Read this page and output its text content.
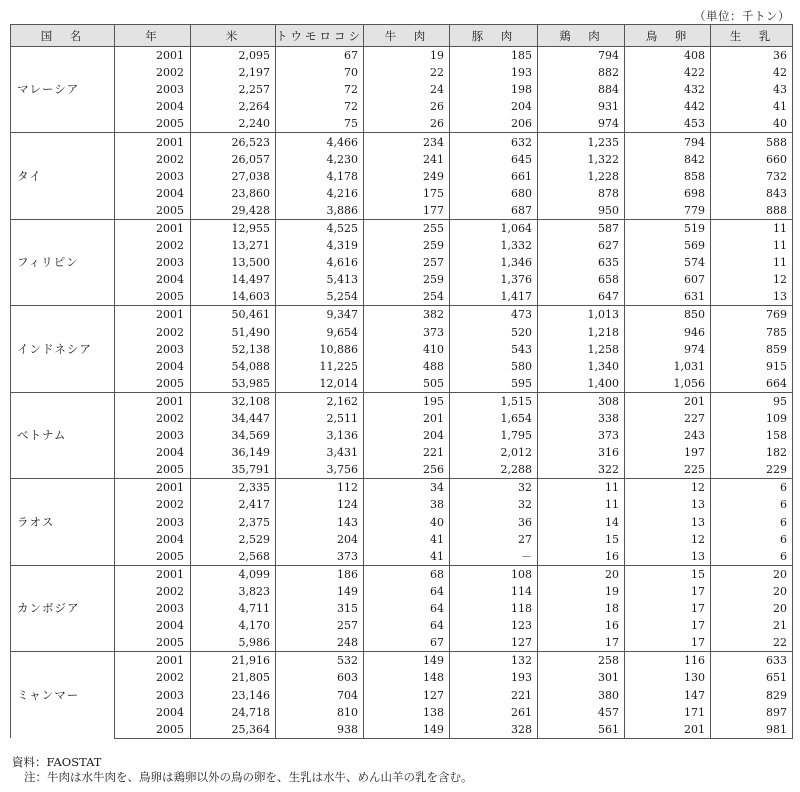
（単位：千トン）
国　名	年	米	トウモロコシ	牛　肉	豚　肉	鶏　肉	鳥　卵	生　乳
マレーシア	2001	2,095	67	19	185	794	408	36
	2002	2,197	70	22	193	882	422	42
	2003	2,257	72	24	198	884	432	43
	2004	2,264	72	26	204	931	442	41
	2005	2,240	75	26	206	974	453	40
タイ	2001	26,523	4,466	234	632	1,235	794	588
	2002	26,057	4,230	241	645	1,322	842	660
	2003	27,038	4,178	249	661	1,228	858	732
	2004	23,860	4,216	175	680	878	698	843
	2005	29,428	3,886	177	687	950	779	888
フィリピン	2001	12,955	4,525	255	1,064	587	519	11
	2002	13,271	4,319	259	1,332	627	569	11
	2003	13,500	4,616	257	1,346	635	574	11
	2004	14,497	5,413	259	1,376	658	607	12
	2005	14,603	5,254	254	1,417	647	631	13
インドネシア	2001	50,461	9,347	382	473	1,013	850	769
	2002	51,490	9,654	373	520	1,218	946	785
	2003	52,138	10,886	410	543	1,258	974	859
	2004	54,088	11,225	488	580	1,340	1,031	915
	2005	53,985	12,014	505	595	1,400	1,056	664
ベトナム	2001	32,108	2,162	195	1,515	308	201	95
	2002	34,447	2,511	201	1,654	338	227	109
	2003	34,569	3,136	204	1,795	373	243	158
	2004	36,149	3,431	221	2,012	316	197	182
	2005	35,791	3,756	256	2,288	322	225	229
ラオス	2001	2,335	112	34	32	11	12	6
	2002	2,417	124	38	32	11	13	6
	2003	2,375	143	40	36	14	13	6
	2004	2,529	204	41	27	15	12	6
	2005	2,568	373	41	－	16	13	6
カンボジア	2001	4,099	186	68	108	20	15	20
	2002	3,823	149	64	114	19	17	20
	2003	4,711	315	64	118	18	17	20
	2004	4,170	257	64	123	16	17	21
	2005	5,986	248	67	127	17	17	22
ミャンマー	2001	21,916	532	149	132	258	116	633
	2002	21,805	603	148	193	301	130	651
	2003	23,146	704	127	221	380	147	829
	2004	24,718	810	138	261	457	171	897
	2005	25,364	938	149	328	561	201	981
資料：FAOSTAT
注：牛肉は水牛肉を、鳥卵は鶏卵以外の鳥の卵を、生乳は水牛、めん山羊の乳を含む。
